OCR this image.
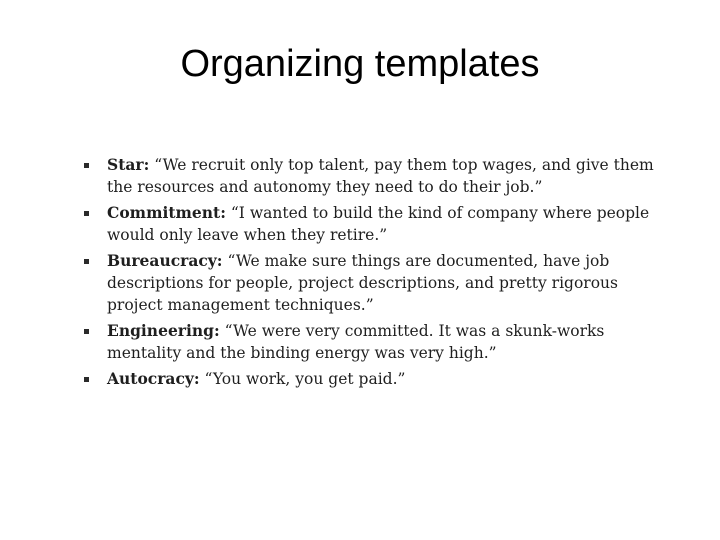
Organizing templates
Star: “We recruit only top talent, pay them top wages, and give them the resources and autonomy they need to do their job.”
Commitment: “I wanted to build the kind of company where people would only leave when they retire.”
Bureaucracy: “We make sure things are documented, have job descriptions for people, project descriptions, and pretty rigorous project management techniques.”
Engineering: “We were very committed. It was a skunk-works mentality and the binding energy was very high.”
Autocracy: “You work, you get paid.”
